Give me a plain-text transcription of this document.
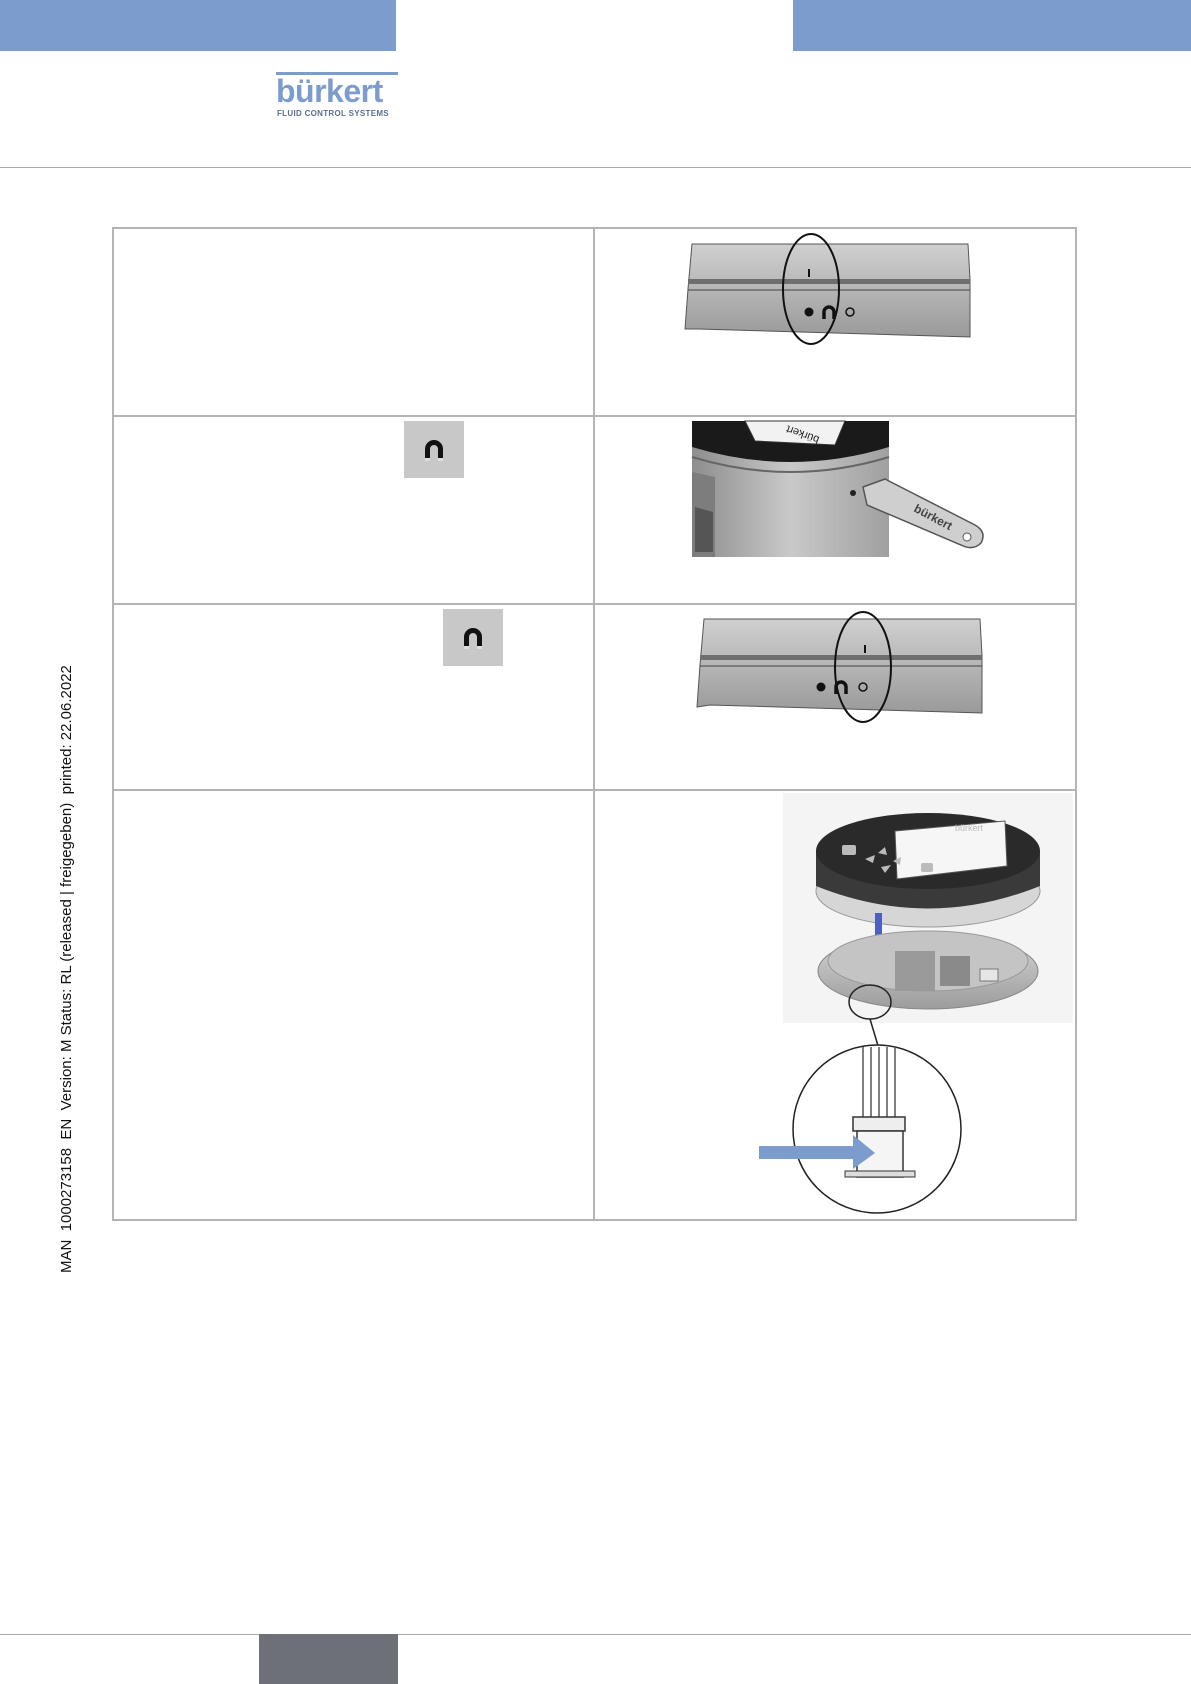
bürkert
FLUID CONTROL SYSTEMS
MAN  1000273158  EN  Version: M Status: RL (released | freigegeben)  printed: 22.06.2022

bürkert
bürkert

bürkert
